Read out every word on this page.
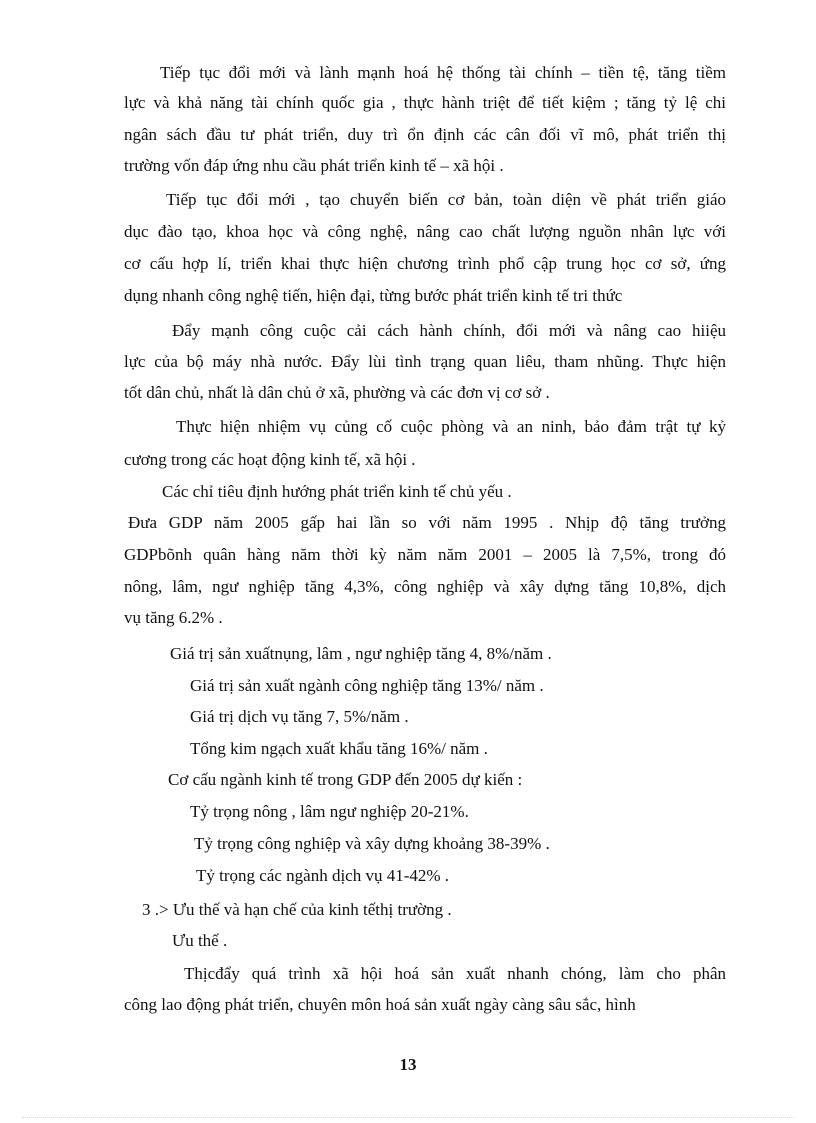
Tiếp tục đổi mới và lành mạnh hoá hệ thống tài chính – tiền tệ, tăng tiềm
lực và khả năng tài chính quốc gia , thực hành triệt để tiết kiệm ; tăng tỷ lệ chi
ngân sách đầu tư phát triển, duy trì ổn định các cân đối vĩ mô, phát triển thị
trường vốn đáp ứng nhu cầu phát triển kinh tế – xã hội .
Tiếp tục đổi mới , tạo chuyển biến cơ bản, toàn diện về phát triển giáo
dục đào tạo, khoa học và công nghệ, nâng cao chất lượng nguồn nhân lực với
cơ cấu hợp lí, triển khai thực hiện chương trình phổ cập trung học cơ sở, ứng
dụng nhanh công nghệ tiến, hiện đại, từng bước phát triển kinh tế tri thức
Đẩy mạnh công cuộc cải cách hành chính, đổi mới và nâng cao hiiệu
lực của bộ máy nhà nước. Đẩy lùi tình trạng quan liêu, tham nhũng. Thực hiện
tốt dân chủ, nhất là dân chủ ở xã, phường và các đơn vị cơ sở .
Thực hiện nhiệm vụ củng cố cuộc phòng và an ninh, bảo đảm trật tự kỷ
cương trong các hoạt động kinh tế, xã hội .
Các chỉ tiêu định hướng phát triển kinh tế chủ yếu .
Đưa GDP năm 2005 gấp hai lần so với năm 1995 . Nhịp độ tăng trưởng
GDPbõnh quân hàng năm thời kỳ năm năm 2001 – 2005 là 7,5%, trong đó
nông, lâm, ngư nghiệp tăng 4,3%, công nghiệp và xây dựng tăng 10,8%, dịch
vụ tăng 6.2% .
Giá trị sản xuấtnụng, lâm , ngư nghiệp tăng 4, 8%/năm .
Giá trị sản xuất ngành công nghiệp tăng 13%/ năm .
Giá trị dịch vụ tăng 7, 5%/năm .
Tổng kim ngạch xuất khẩu tăng 16%/ năm .
Cơ cấu ngành kinh tế trong GDP đến 2005 dự kiến :
Tỷ trọng nông , lâm ngư nghiệp 20-21%.
Tỷ trọng công nghiệp và xây dựng khoảng 38-39% .
Tỷ trọng các ngành dịch vụ 41-42% .
3 .> Ưu thế và hạn chế của kinh tếthị trường .
Ưu thế .
Thịcđẩy quá trình xã hội hoá sản xuất nhanh chóng, làm cho phân
công lao động phát triển, chuyên môn hoá sản xuất ngày càng sâu sắc, hình
13
